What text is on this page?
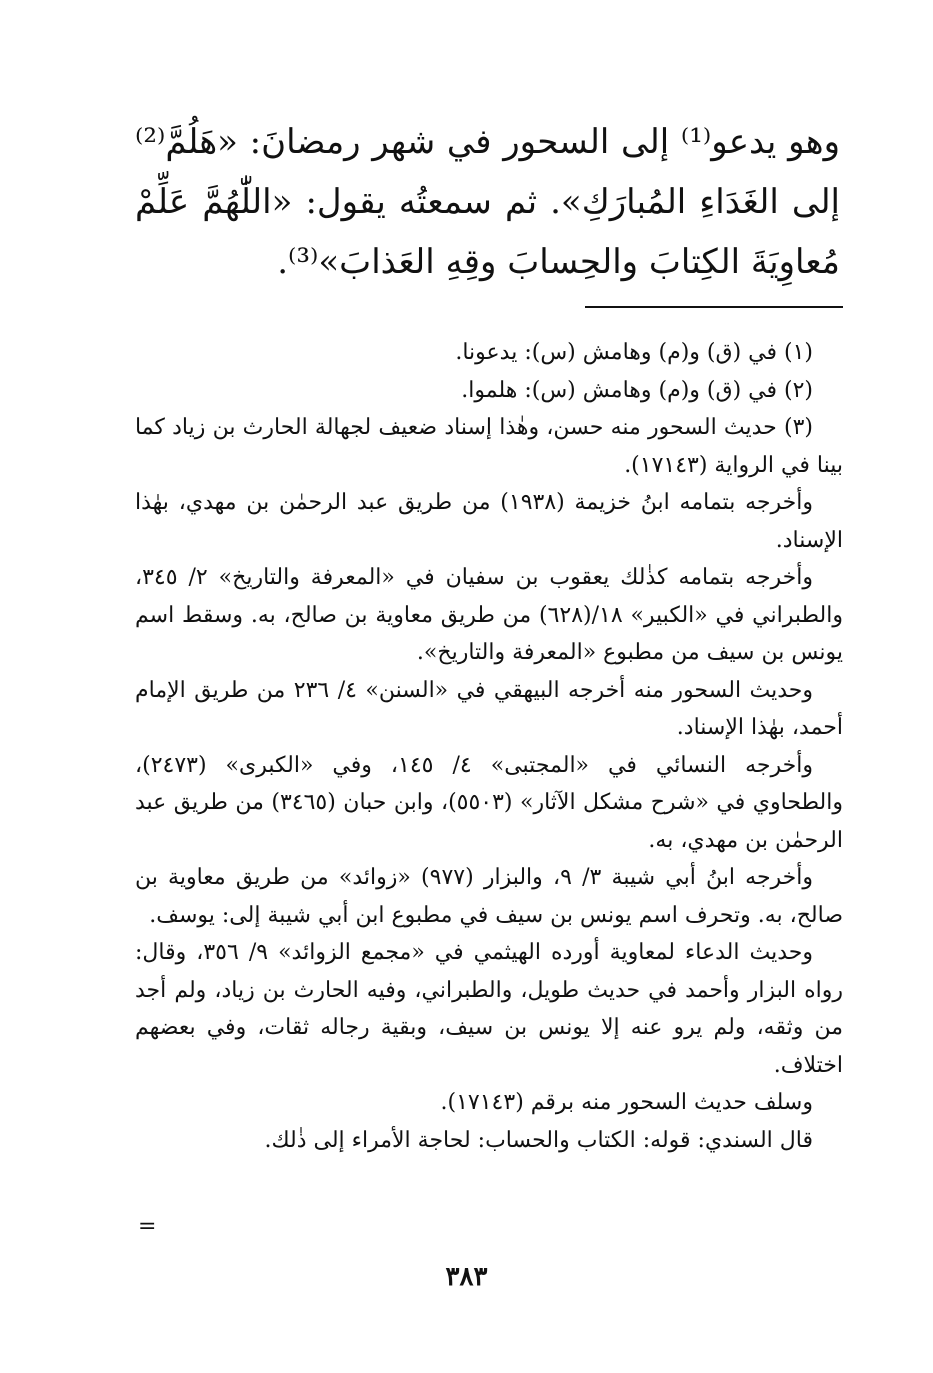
وهو يدعو⁽¹⁾ إلى السحور في شهر رمضانَ: «هَلُمَّ⁽²⁾ إلى الغَدَاءِ المُبارَكِ». ثم سمعتُه يقول: «اللّٰهُمَّ عَلِّمْ مُعاوِيَةَ الكِتابَ والحِسابَ وقِهِ العَذابَ»⁽³⁾.

(١) في (ق) و(م) وهامش (س): يدعونا.

(٢) في (ق) و(م) وهامش (س): هلموا.

(٣) حديث السحور منه حسن، وهٰذا إسناد ضعيف لجهالة الحارث بن زياد كما بينا في الرواية (١٧١٤٣).

وأخرجه بتمامه ابنُ خزيمة (١٩٣٨) من طريق عبد الرحمٰن بن مهدي، بهٰذا الإسناد.

وأخرجه بتمامه كذٰلك يعقوب بن سفيان في «المعرفة والتاريخ» ٢/ ٣٤٥، والطبراني في «الكبير» ١٨/(٦٢٨) من طريق معاوية بن صالح، به. وسقط اسم يونس بن سيف من مطبوع «المعرفة والتاريخ».

وحديث السحور منه أخرجه البيهقي في «السنن» ٤/ ٢٣٦ من طريق الإمام أحمد، بهٰذا الإسناد.

وأخرجه النسائي في «المجتبى» ٤/ ١٤٥، وفي «الكبرى» (٢٤٧٣)، والطحاوي في «شرح مشكل الآثار» (٥٥٠٣)، وابن حبان (٣٤٦٥) من طريق عبد الرحمٰن بن مهدي، به.

وأخرجه ابنُ أبي شيبة ٣/ ٩، والبزار (٩٧٧) «زوائد» من طريق معاوية بن صالح، به. وتحرف اسم يونس بن سيف في مطبوع ابن أبي شيبة إلى: يوسف.

وحديث الدعاء لمعاوية أورده الهيثمي في «مجمع الزوائد» ٩/ ٣٥٦، وقال: رواه البزار وأحمد في حديث طويل، والطبراني، وفيه الحارث بن زياد، ولم أجد من وثقه، ولم يرو عنه إلا يونس بن سيف، وبقية رجاله ثقات، وفي بعضهم اختلاف.

وسلف حديث السحور منه برقم (١٧١٤٣).

قال السندي: قوله: الكتاب والحساب: لحاجة الأمراء إلى ذٰلك.

=
٣٨٣
